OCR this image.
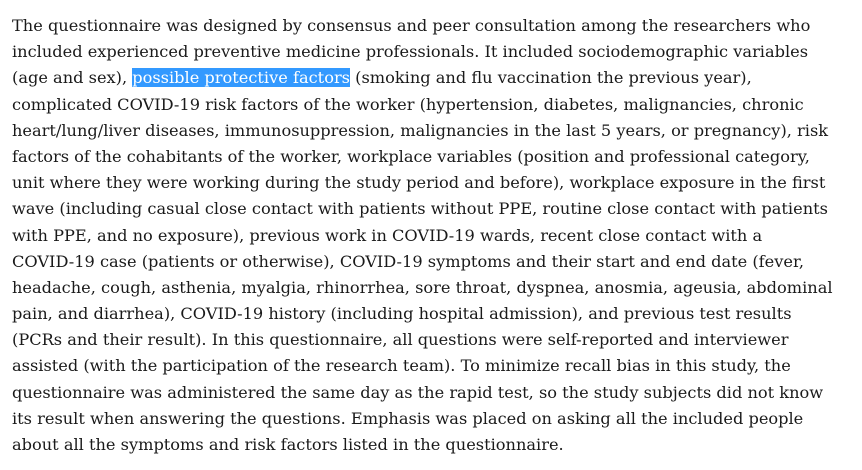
The questionnaire was designed by consensus and peer consultation among the researchers who
included experienced preventive medicine professionals. It included sociodemographic variables
(age and sex), possible protective factors (smoking and flu vaccination the previous year),
complicated COVID-19 risk factors of the worker (hypertension, diabetes, malignancies, chronic
heart/lung/liver diseases, immunosuppression, malignancies in the last 5 years, or pregnancy), risk
factors of the cohabitants of the worker, workplace variables (position and professional category,
unit where they were working during the study period and before), workplace exposure in the first
wave (including casual close contact with patients without PPE, routine close contact with patients
with PPE, and no exposure), previous work in COVID-19 wards, recent close contact with a
COVID-19 case (patients or otherwise), COVID-19 symptoms and their start and end date (fever,
headache, cough, asthenia, myalgia, rhinorrhea, sore throat, dyspnea, anosmia, ageusia, abdominal
pain, and diarrhea), COVID-19 history (including hospital admission), and previous test results
(PCRs and their result). In this questionnaire, all questions were self-reported and interviewer
assisted (with the participation of the research team). To minimize recall bias in this study, the
questionnaire was administered the same day as the rapid test, so the study subjects did not know
its result when answering the questions. Emphasis was placed on asking all the included people
about all the symptoms and risk factors listed in the questionnaire.
